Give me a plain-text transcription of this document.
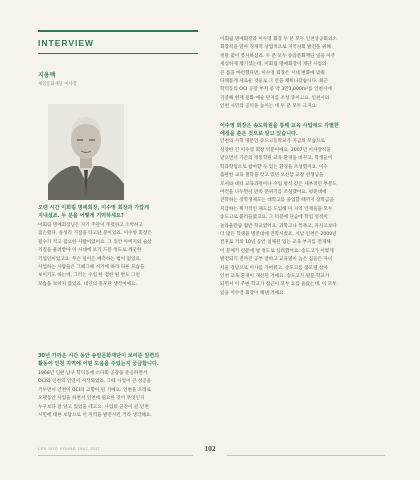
INTERVIEW
지용택
새얼문화재단 이사장
오랜 시간 이회림 명예회장, 이수영 회장과 가깝게
지내셨죠. 두 분을 어떻게 기억하세요?
이회림 명예회장님은 지기 주관이 뚜렷하고 소박하고
겸손했다. 솔성직 기질을 타고난 분이었죠. 이수영 회장은
될수가 적고 집요한 사람이었어요. 그 동안 아버지와 술상
기질을 물려받아 이 시대에 보기 드문 정도로 깨끗한
기업인이었고요. 무슨 일이든 예측하는 법이 없었죠.
사업하는 사람들은 그때그때 시기에 따라 다른 모습을
보이기도 하는데, 그러는 수업 한 점한 편 반도 그런
모습을 보이지 않았죠. 대인의 풍모란 생각이에요.
30년 가까운 시간 동안 송암문화재단이 보여준 일련의
활동이 인천 지역에 어떤 도움을 주었는지 궁금합니다.
1968년 인천 남구 학익동에 소다회 공장을 준공하면서
OCI와 인천의 인연이 시작되었죠. 그때 사업이 큰 성공을
거두면서 인천이 OCI의 고향이 된 거예요. 인천을 오래로
오랫동안 사업을 하면서 인천에 필요한 것이 무엇인지
누구보다 잘 알고 있었을 테고요. 사업의 근간이 된 인천
시민에 대한 보답으로 이 지역을 발전시킨 거라 생각해요.
이회림 명예회장과 이수영 회장 두 분 모두 인천상공회의소
회장직을 맡아 경제적 상업적으로 지역사회 발전을 위해
정말 많이 봉사하셨죠. 두 분 모두 송암문화재단 일을 아주
세심하게 챙기셨는데, 이회림 명예회장이 재단 사업의
큰 틀을 마련했다면, 이수영 회장은 시대 변화에 맞춰
다채롭게 새로운 것들로 그 안을 채워나갔습니다. 최근
학익동의 OCI 공장 부지 중 약 3만3,000m²를 인천시에
기증해 현재 문화·예술 단지를 조성 중이고요. 인천시와
인천 시민의 공익을 높이는 데 두 분 모두 크지요.
이수영 회장은 송도학원을 통해 교육 사업에도 각별한
애정을 쏟은 것으로 알고 있습니다.
인천의 사학 명문인 송도고등학교가 지금의 모습으로
성장한 건 이수영 회장 덕분이에요. 2007년 이사장직을
맡으면서 기존의 정통학원 교육 환경을 바꾸고, 학생들이
학과학업으로 참여할 수 있는 환경을 조성했지요. 이수
출판한 교육 철학을 갖고 있던 오신삼 교장 선생님을
모셔와 대더 교육과정이나 수업 방식 같은 세부적인 부분도
여건을 나누면서 만족 분위기를 조성했어요. 평준대에
진학하는 장학생제도는 대학고를 졸업할 때까지 장학금을
지급하는 획기적인 제도를 도입해 미 지역 인재들을 모두
송도고로 불러들였고요. 그 덕분에 단숨에 학업 성적이
놀라울만큼 월반 학교였어요. 과학고나 특목고, 자사고보다
더 많은 학생을 명문대에 진학시켰죠. 서남 인천은 2000년
전후로 거의 10년 동안 침체된 있는 교육 부지를 전개해
이 분께가 신문에 널 정도로 심려했어요. 송도고가 이렇게
발전되기 전까진 공부 잘하고 교육열이 높은 집들은 자녀
서울 강남으로 이사를 가버렸고. 송도고를 롤모델 삼아
인천 교육 환경이 개선된 거예요. 송도고가 명문 학교가
되면서 이 주변 학교가 집근이 모두 요를 올랐는데, 이 모두
일을 이수영 회장이 해낸 거예요.
LEE SOO YOUNG 1942-2017	102
